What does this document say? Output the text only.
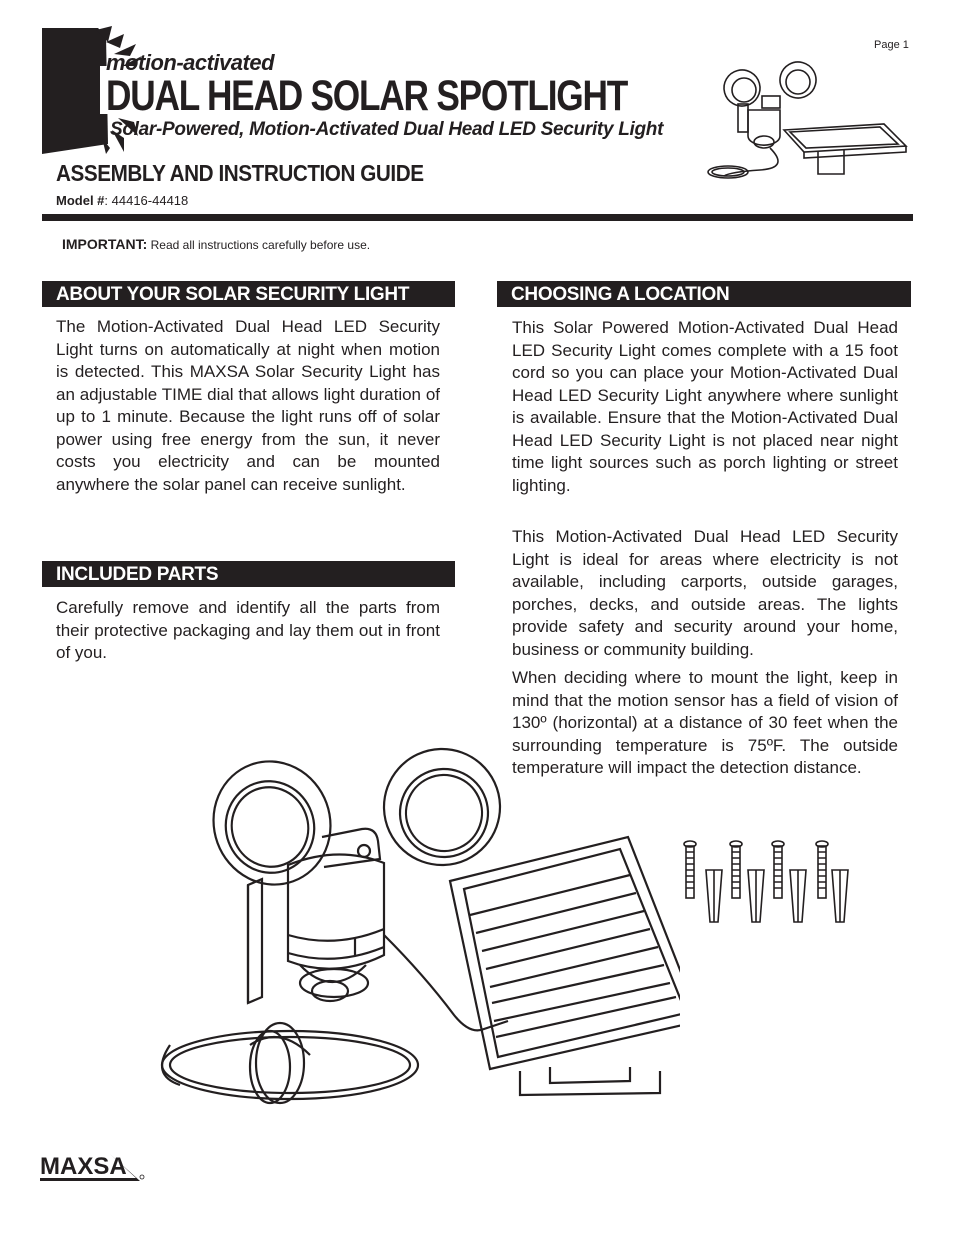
Page 1
motion-activated
DUAL HEAD SOLAR SPOTLIGHT
Solar-Powered, Motion-Activated Dual Head LED Security Light
ASSEMBLY AND INSTRUCTION GUIDE
Model #: 44416-44418
IMPORTANT: Read all instructions carefully before use.
ABOUT YOUR SOLAR SECURITY LIGHT

The Motion-Activated Dual Head LED Security Light turns on automatically at night when motion is detected. This MAXSA Solar Security Light has an adjustable TIME dial that allows light duration of up to 1 minute. Because the light runs off of solar power using free energy from the sun, it never costs you electricity and can be mounted anywhere the solar panel can receive sunlight.

INCLUDED PARTS

Carefully remove and identify all the parts from their protective packaging and lay them out in front of you.

CHOOSING A LOCATION

This Solar Powered Motion-Activated Dual Head LED Security Light comes complete with a 15 foot cord so you can place your Motion-Activated Dual Head LED Security Light anywhere where sunlight is available. Ensure that the Motion-Activated Dual Head LED Security Light is not placed near night time light sources such as porch lighting or street lighting.

This Motion-Activated Dual Head LED Security Light is ideal for areas where electricity is not available, including carports, outside garages, porches, decks, and outside areas. The lights provide safety and security around your home, business or community building.

When deciding where to mount the light, keep in mind that the motion sensor has a field of vision of 130º (horizontal) at a distance of 30 feet when the surrounding temperature is 75ºF. The outside temperature will impact the detection distance.

MAXSA
